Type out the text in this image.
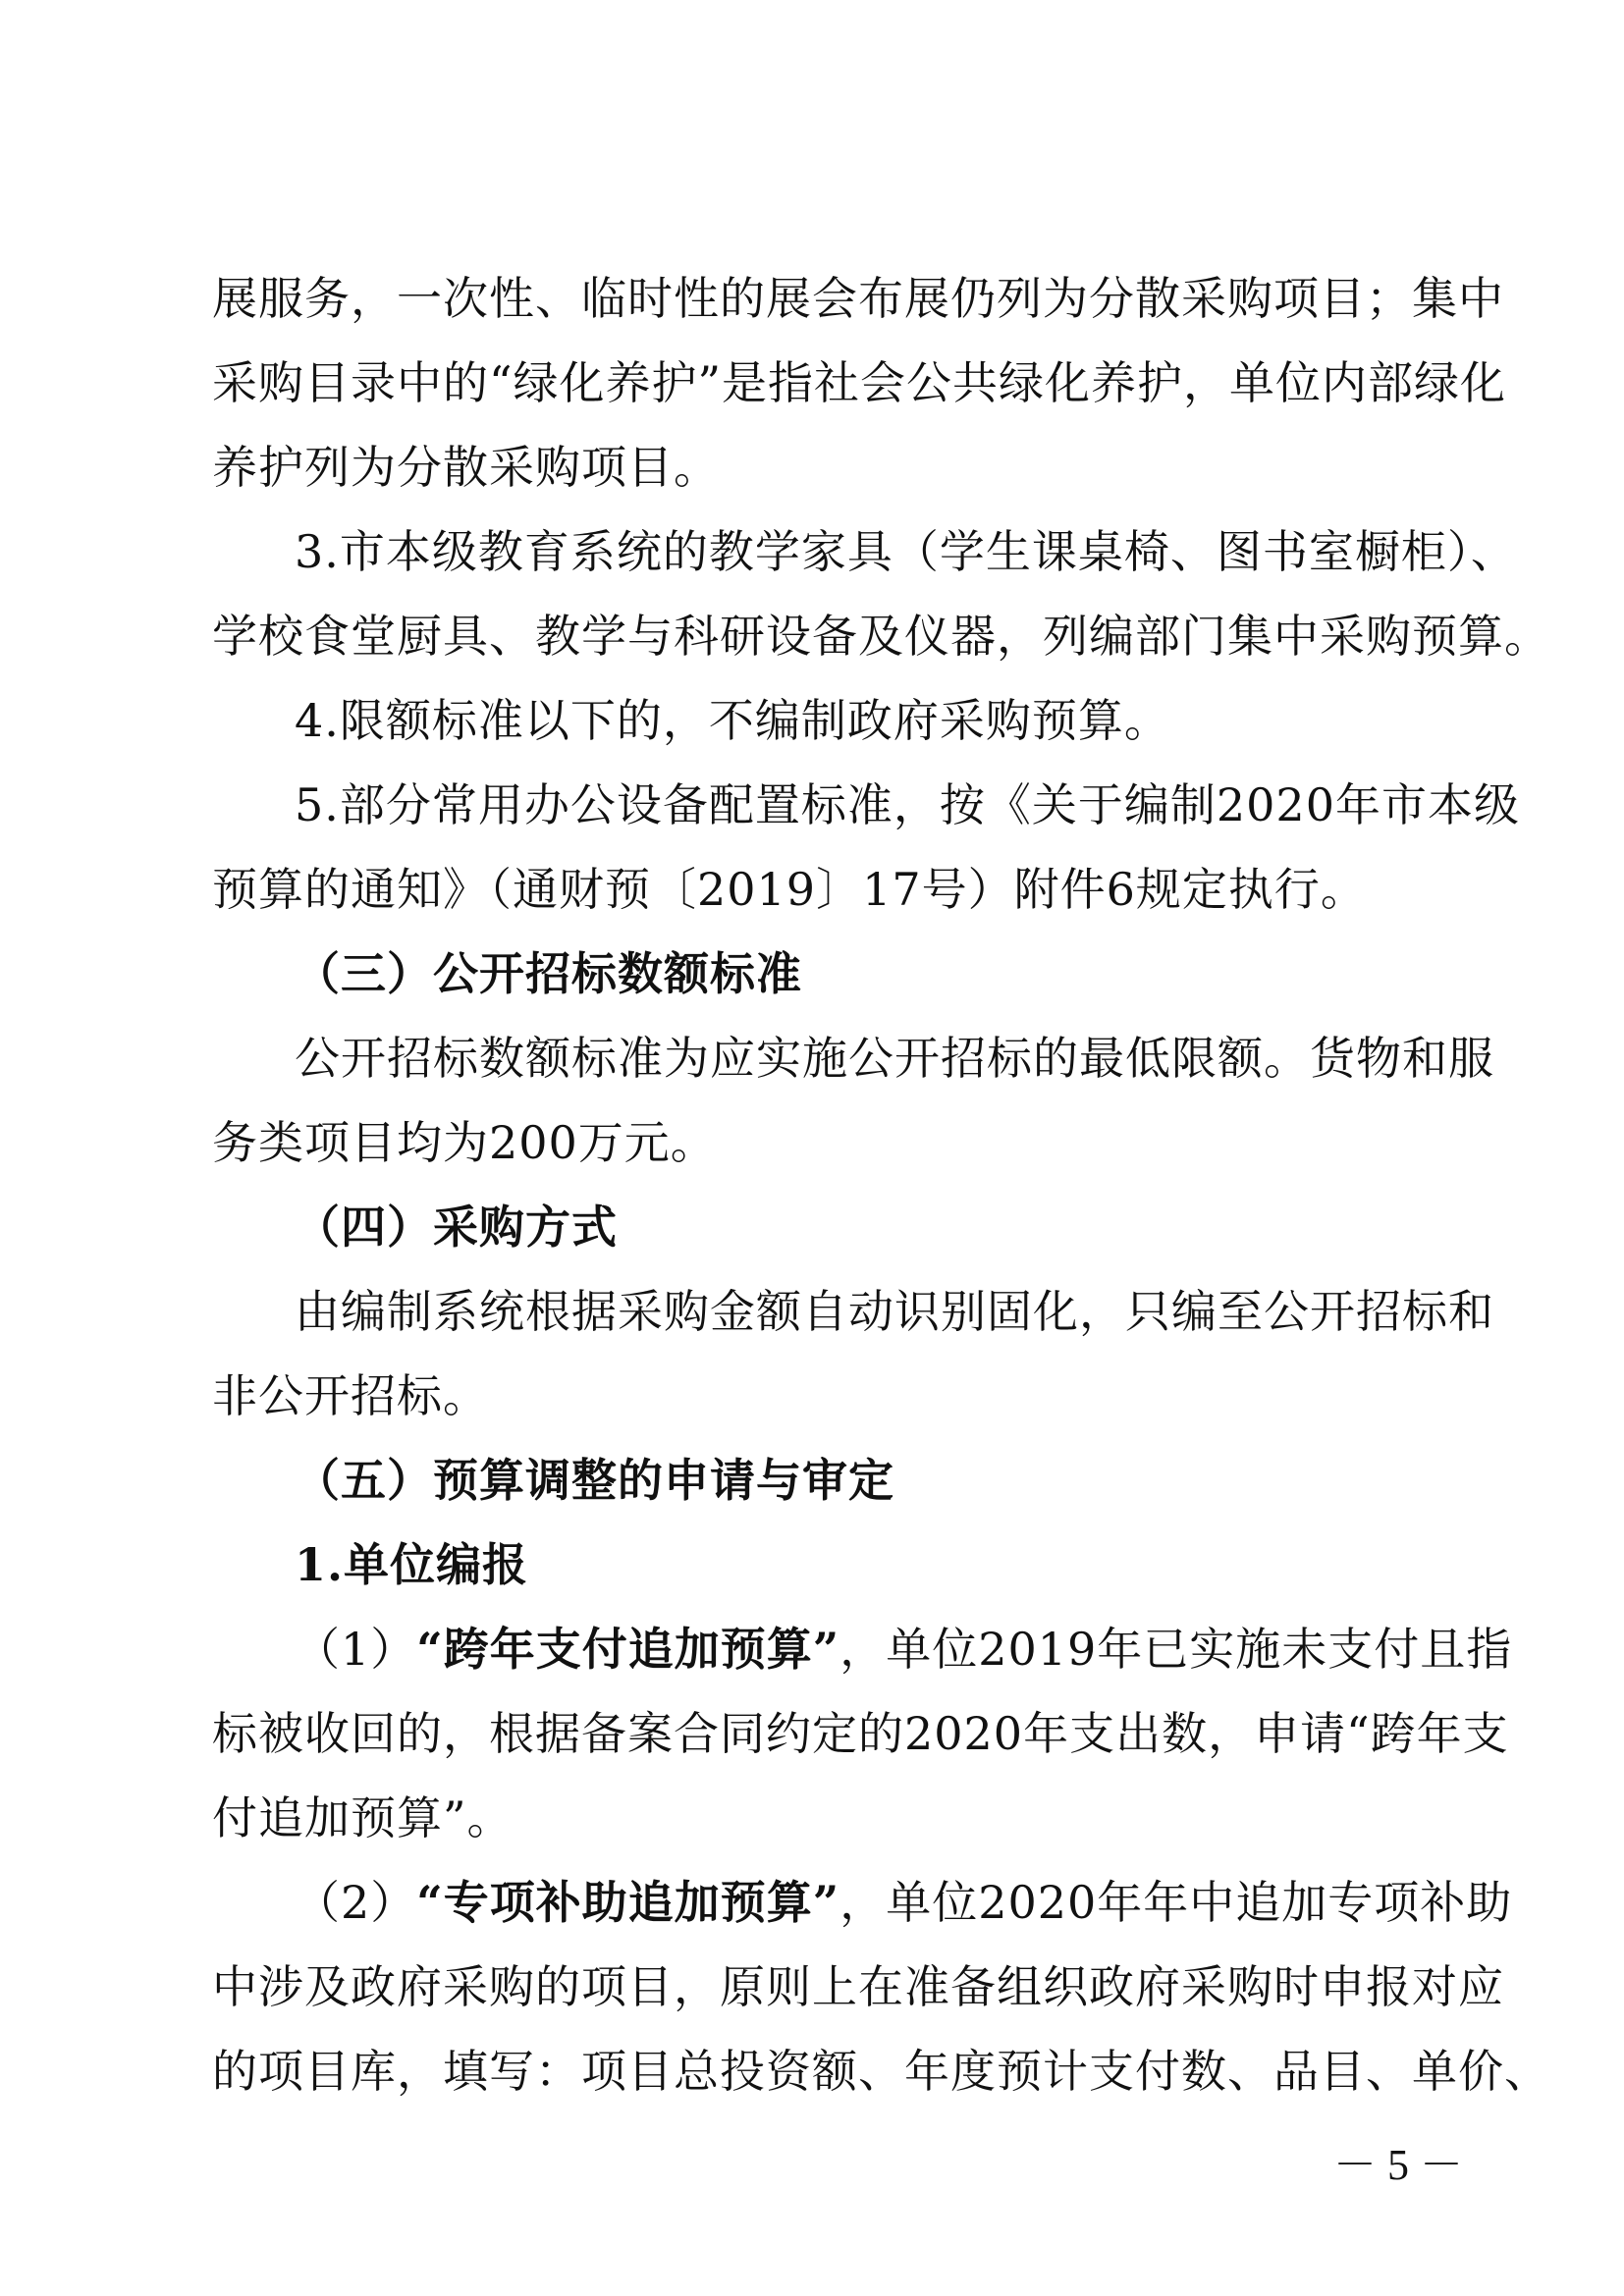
展服务，一次性、临时性的展会布展仍列为分散采购项目；集中
采购目录中的“绿化养护”是指社会公共绿化养护，单位内部绿化
养护列为分散采购项目。
3.市本级教育系统的教学家具（学生课桌椅、图书室橱柜）、
学校食堂厨具、教学与科研设备及仪器，列编部门集中采购预算。
4.限额标准以下的，不编制政府采购预算。
5.部分常用办公设备配置标准，按《关于编制2020年市本级
预算的通知》（通财预〔2019〕17号）附件6规定执行。
（三）公开招标数额标准
公开招标数额标准为应实施公开招标的最低限额。货物和服
务类项目均为200万元。
（四）采购方式
由编制系统根据采购金额自动识别固化，只编至公开招标和
非公开招标。
（五）预算调整的申请与审定
1.单位编报
（1）“跨年支付追加预算”，单位2019年已实施未支付且指
标被收回的，根据备案合同约定的2020年支出数，申请“跨年支
付追加预算”。
（2）“专项补助追加预算”，单位2020年年中追加专项补助
中涉及政府采购的项目，原则上在准备组织政府采购时申报对应
的项目库，填写：项目总投资额、年度预计支付数、品目、单价、
－ 5 －
